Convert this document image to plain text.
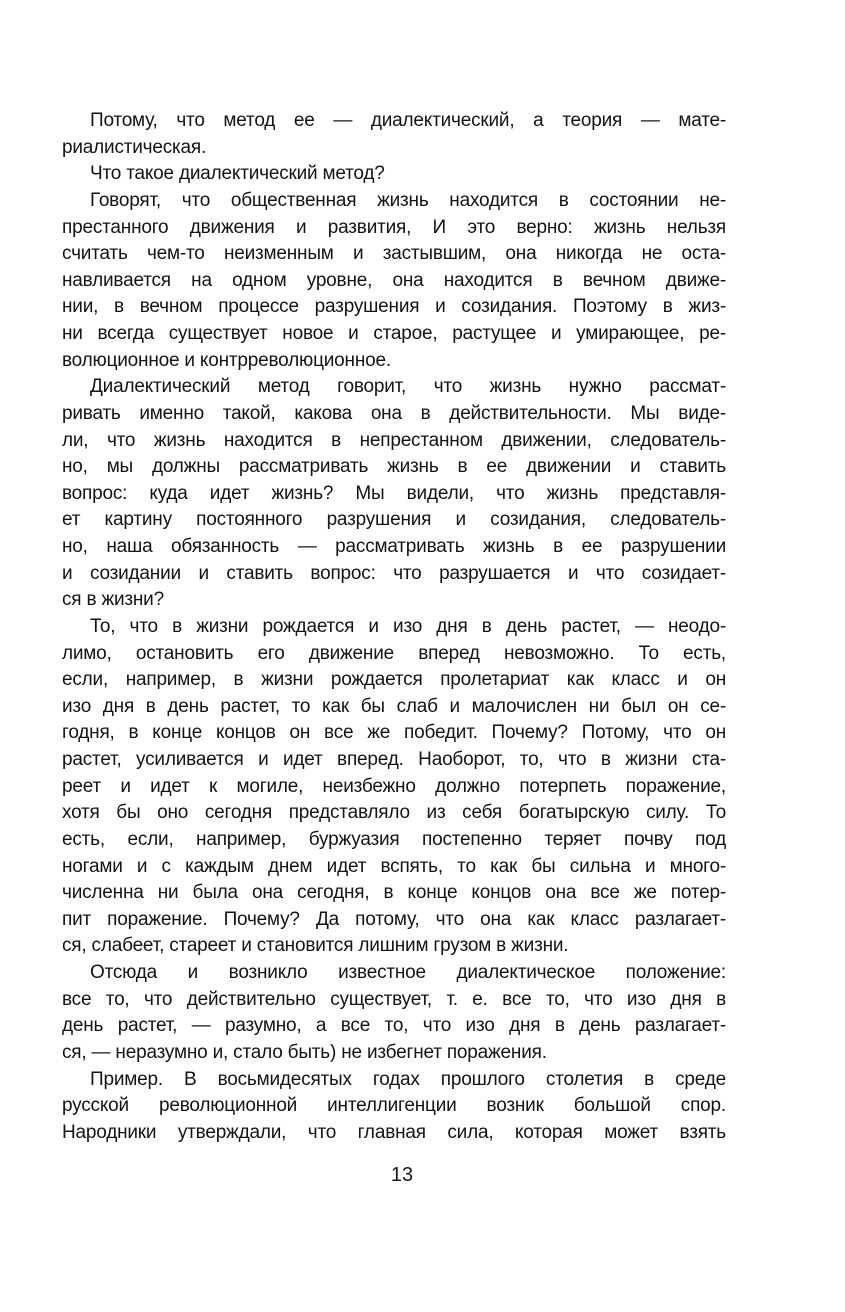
Потому, что метод ее — диалектический, а теория — мате-
риалистическая.
Что такое диалектический метод?
Говорят, что общественная жизнь находится в состоянии не-
престанного движения и развития, И это верно: жизнь нельзя
считать чем-то неизменным и застывшим, она никогда не оста-
навливается на одном уровне, она находится в вечном движе-
нии, в вечном процессе разрушения и созидания. Поэтому в жиз-
ни всегда существует новое и старое, растущее и умирающее, ре-
волюционное и контрреволюционное.
Диалектический метод говорит, что жизнь нужно рассмат-
ривать именно такой, какова она в действительности. Мы виде-
ли, что жизнь находится в непрестанном движении, следователь-
но, мы должны рассматривать жизнь в ее движении и ставить
вопрос: куда идет жизнь? Мы видели, что жизнь представля-
ет картину постоянного разрушения и созидания, следователь-
но, наша обязанность — рассматривать жизнь в ее разрушении
и созидании и ставить вопрос: что разрушается и что созидает-
ся в жизни?
То, что в жизни рождается и изо дня в день растет, — неодо-
лимо, остановить его движение вперед невозможно. То есть,
если, например, в жизни рождается пролетариат как класс и он
изо дня в день растет, то как бы слаб и малочислен ни был он се-
годня, в конце концов он все же победит. Почему? Потому, что он
растет, усиливается и идет вперед. Наоборот, то, что в жизни ста-
реет и идет к могиле, неизбежно должно потерпеть поражение,
хотя бы оно сегодня представляло из себя богатырскую силу. То
есть, если, например, буржуазия постепенно теряет почву под
ногами и с каждым днем идет вспять, то как бы сильна и много-
численна ни была она сегодня, в конце концов она все же потер-
пит поражение. Почему? Да потому, что она как класс разлагает-
ся, слабеет, стареет и становится лишним грузом в жизни.
Отсюда и возникло известное диалектическое положение:
все то, что действительно существует, т. е. все то, что изо дня в
день растет, — разумно, а все то, что изо дня в день разлагает-
ся, — неразумно и, стало быть) не избегнет поражения.
Пример. В восьмидесятых годах прошлого столетия в среде
русской революционной интеллигенции возник большой спор.
Народники утверждали, что главная сила, которая может взять
13
